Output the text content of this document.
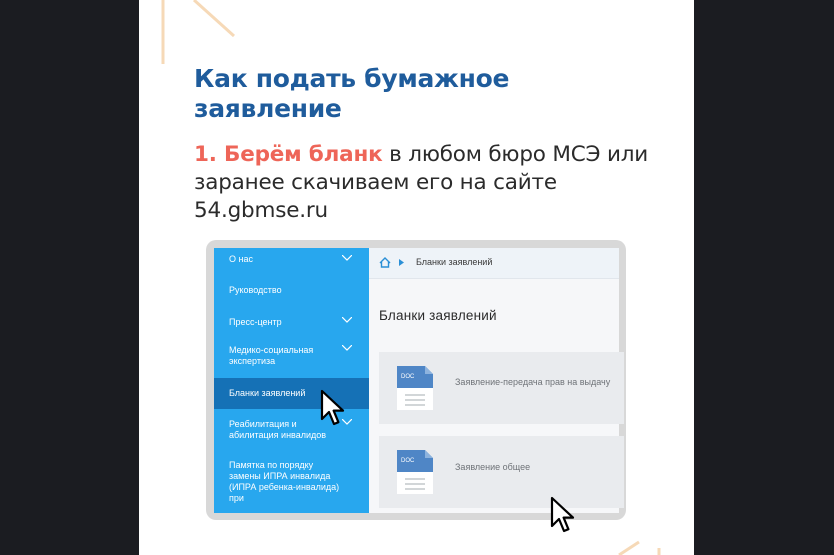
Как подать бумажное заявление

1. Берём бланк в любом бюро МСЭ или заранее скачиваем его на сайте 54.gbmse.ru

О нас
Руководство
Пресс-центр
Медико-социальная экспертиза
Бланки заявлений
Реабилитация и абилитация инвалидов
Памятка по порядку замены ИПРА инвалида (ИПРА ребенка-инвалида) при
Бланки заявлений
Бланки заявлений
DOC	Заявление-передача прав на выдачу
DOC
Заявление общее
